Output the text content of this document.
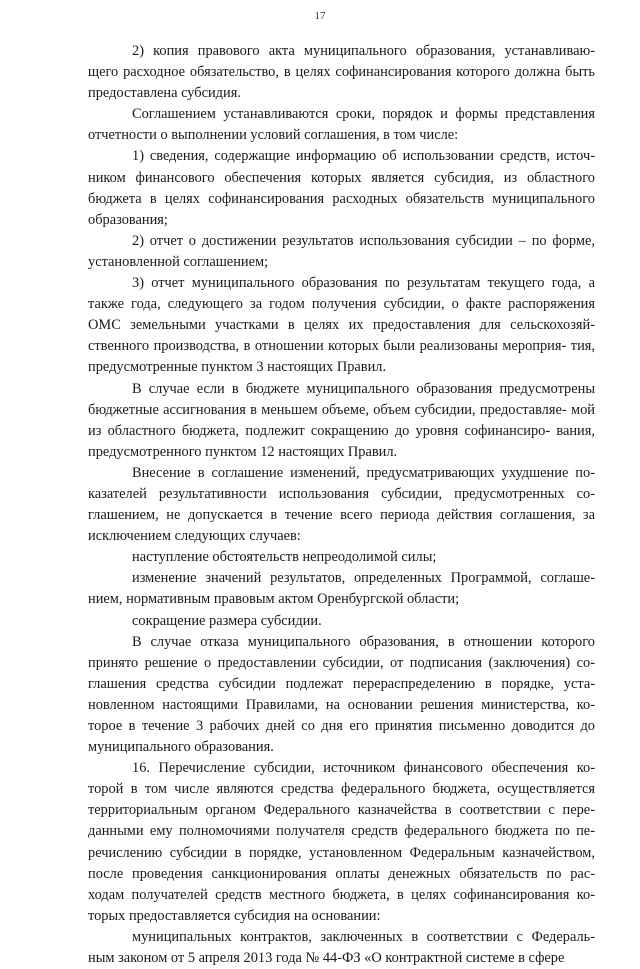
17

2) копия правового акта муниципального образования, устанавливаю- щего расходное обязательство, в целях софинансирования которого должна быть предоставлена субсидия.

Соглашением устанавливаются сроки, порядок и формы представления отчетности о выполнении условий соглашения, в том числе:

1) сведения, содержащие информацию об использовании средств, источ- ником финансового обеспечения которых является субсидия, из областного бюджета в целях софинансирования расходных обязательств муниципального образования;

2) отчет о достижении результатов использования субсидии – по форме, установленной соглашением;

3) отчет муниципального образования по результатам текущего года, а также года, следующего за годом получения субсидии, о факте распоряжения ОМС земельными участками в целях их предоставления для сельскохозяй- ственного производства, в отношении которых были реализованы мероприя- тия, предусмотренные пунктом 3 настоящих Правил.

В случае если в бюджете муниципального образования предусмотрены бюджетные ассигнования в меньшем объеме, объем субсидии, предоставляе- мой из областного бюджета, подлежит сокращению до уровня софинансиро- вания, предусмотренного пунктом 12 настоящих Правил.

Внесение в соглашение изменений, предусматривающих ухудшение по- казателей результативности использования субсидии, предусмотренных со- глашением, не допускается в течение всего периода действия соглашения, за исключением следующих случаев:

наступление обстоятельств непреодолимой силы;

изменение значений результатов, определенных Программой, соглаше- нием, нормативным правовым актом Оренбургской области;

сокращение размера субсидии.

В случае отказа муниципального образования, в отношении которого принято решение о предоставлении субсидии, от подписания (заключения) со- глашения средства субсидии подлежат перераспределению в порядке, уста- новленном настоящими Правилами, на основании решения министерства, ко- торое в течение 3 рабочих дней со дня его принятия письменно доводится до муниципального образования.

16. Перечисление субсидии, источником финансового обеспечения ко- торой в том числе являются средства федерального бюджета, осуществляется территориальным органом Федерального казначейства в соответствии с пере- данными ему полномочиями получателя средств федерального бюджета по пе- речислению субсидии в порядке, установленном Федеральным казначейством, после проведения санкционирования оплаты денежных обязательств по рас- ходам получателей средств местного бюджета, в целях софинансирования ко- торых предоставляется субсидия на основании:

муниципальных контрактов, заключенных в соответствии с Федераль- ным законом от 5 апреля 2013 года № 44-ФЗ «О контрактной системе в сфере
